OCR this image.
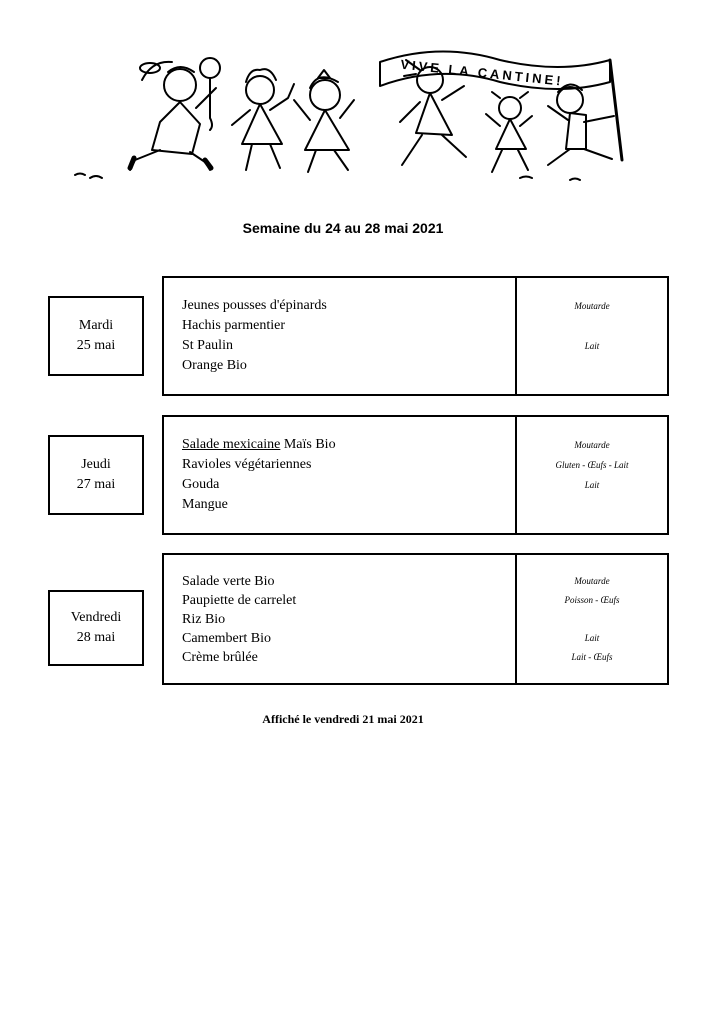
VIVE LA CANTINE!
Semaine du 24 au 28 mai 2021
Mardi
25 mai
Jeunes pousses d'épinards
Hachis parmentier
St Paulin
Orange Bio
Moutarde
Lait
Jeudi
27 mai
Salade mexicaine Maïs Bio
Ravioles végétariennes
Gouda
Mangue
Moutarde
Gluten - Œufs - Lait
Lait
Vendredi
28 mai
Salade verte Bio
Paupiette de carrelet
Riz Bio
Camembert Bio
Crème brûlée
Moutarde
Poisson - Œufs
Lait
Lait - Œufs
Affiché le vendredi 21 mai 2021
